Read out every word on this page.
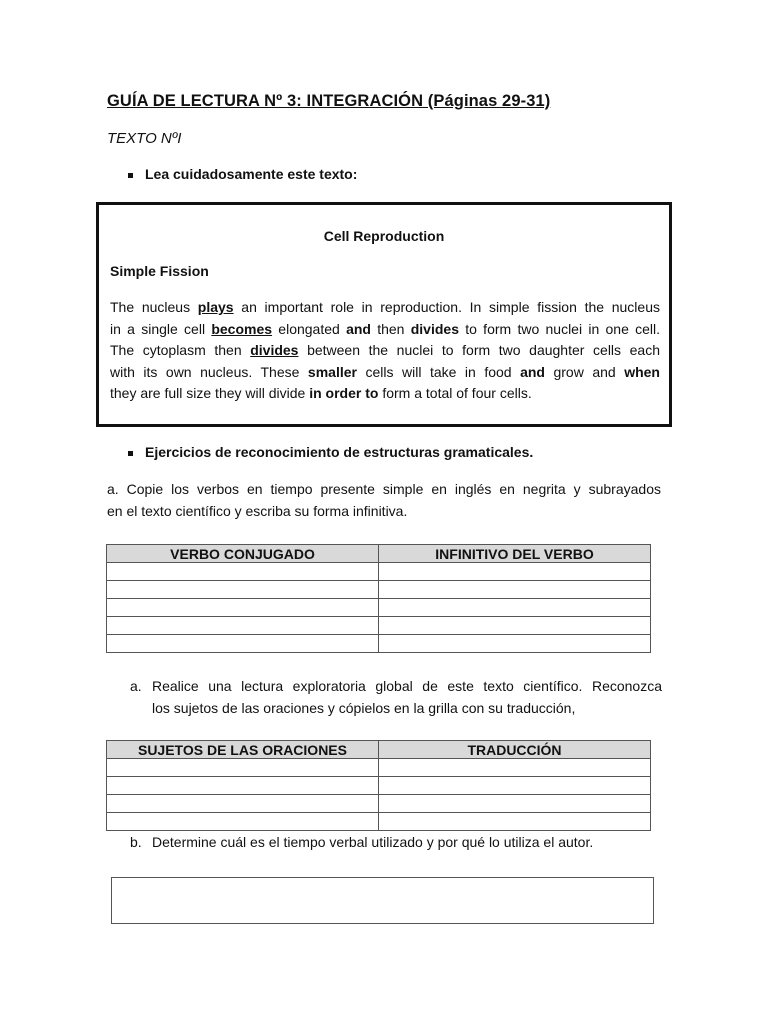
GUÍA DE LECTURA Nº 3: INTEGRACIÓN (Páginas 29-31)
TEXTO NºI
Lea cuidadosamente este texto:
Cell Reproduction
Simple Fission
The nucleus plays an important role in reproduction. In simple fission the nucleus
in a single cell becomes elongated and then divides to form two nuclei in one cell.
The cytoplasm then divides between the nuclei to form two daughter cells each
with its own nucleus. These smaller cells will take in food and grow and when
they are full size they will divide in order to form a total of four cells.
Ejercicios de reconocimiento de estructuras gramaticales.
a. Copie los verbos en tiempo presente simple en inglés en negrita y subrayados
en el texto científico y escriba su forma infinitiva.
VERBO CONJUGADO	INFINITIVO DEL VERBO

a. Realice una lectura exploratoria global de este texto científico. Reconozca
los sujetos de las oraciones y cópielos en la grilla con su traducción,
SUJETOS DE LAS ORACIONES	TRADUCCIÓN

b. Determine cuál es el tiempo verbal utilizado y por qué lo utiliza el autor.
